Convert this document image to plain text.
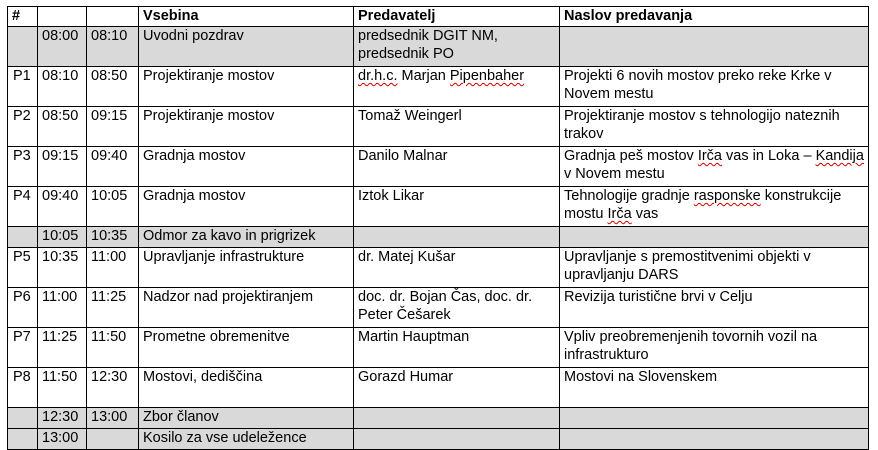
#			Vsebina	Predavatelj	Naslov predavanja
	08:00	08:10	Uvodni pozdrav	predsednik DGIT NM, predsednik PO	
P1	08:10	08:50	Projektiranje mostov	dr.h.c. Marjan Pipenbaher	Projekti 6 novih mostov preko reke Krke v Novem mestu
P2	08:50	09:15	Projektiranje mostov	Tomaž Weingerl	Projektiranje mostov s tehnologijo nateznih trakov
P3	09:15	09:40	Gradnja mostov	Danilo Malnar	Gradnja peš mostov Irča vas in Loka – Kandija v Novem mestu
P4	09:40	10:05	Gradnja mostov	Iztok Likar	Tehnologije gradnje rasponske konstrukcije mostu Irča vas
	10:05	10:35	Odmor za kavo in prigrizek		
P5	10:35	11:00	Upravljanje infrastrukture	dr. Matej Kušar	Upravljanje s premostitvenimi objekti v upravljanju DARS
P6	11:00	11:25	Nadzor nad projektiranjem	doc. dr. Bojan Čas, doc. dr. Peter Češarek	Revizija turistične brvi v Celju
P7	11:25	11:50	Prometne obremenitve	Martin Hauptman	Vpliv preobremenjenih tovornih vozil na infrastrukturo
P8	11:50	12:30	Mostovi, dediščina	Gorazd Humar	Mostovi na Slovenskem
	12:30	13:00	Zbor članov		
	13:00		Kosilo za vse udeležence		
